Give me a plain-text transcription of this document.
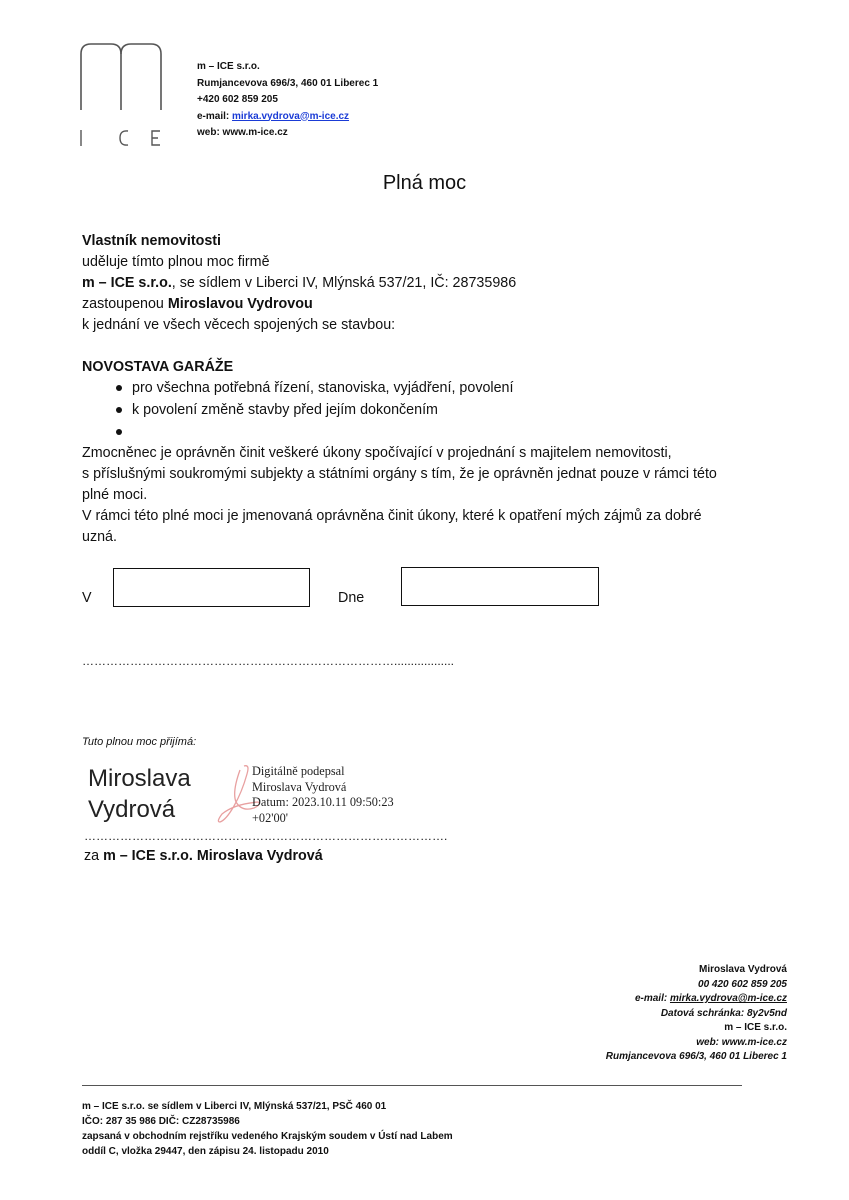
m – ICE s.r.o.
Rumjancevova 696/3, 460 01 Liberec 1
+420 602 859 205
e-mail: mirka.vydrova@m-ice.cz
web: www.m-ice.cz
Plná moc
Vlastník nemovitosti
uděluje tímto plnou moc firmě
m – ICE s.r.o., se sídlem v Liberci IV, Mlýnská 537/21, IČ: 28735986
zastoupenou Miroslavou Vydrovou
k jednání ve všech věcech spojených se stavbou:
NOVOSTAVA GARÁŽE
pro všechna potřebná řízení, stanoviska, vyjádření, povolení
k povolení změně stavby před jejím dokončením
Zmocněnec je oprávněn činit veškeré úkony spočívající v projednání s majitelem nemovitosti,
s příslušnými soukromými subjekty a státními orgány s tím, že je oprávněn jednat pouze v rámci této
plné moci.
V rámci této plné moci je jmenovaná oprávněna činit úkony, které k opatření mých zájmů za dobré
uzná.
V	Dne
……………………………………………………………………..................
Tuto plnou moc přijímá:
Miroslava
Vydrová
Digitálně podepsal
Miroslava Vydrová
Datum: 2023.10.11 09:50:23
+02'00'
……………………………………………………………………………….
za m – ICE s.r.o. Miroslava Vydrová
Miroslava Vydrová
00 420 602 859 205
e-mail: mirka.vydrova@m-ice.cz
Datová schránka: 8y2v5nd
m – ICE s.r.o.
web: www.m-ice.cz
Rumjancevova 696/3, 460 01 Liberec 1
m – ICE s.r.o. se sídlem v Liberci IV, Mlýnská 537/21, PSČ 460 01
IČO: 287 35 986 DIČ: CZ28735986
zapsaná v obchodním rejstříku vedeného Krajským soudem v Ústí nad Labem
oddíl C, vložka 29447, den zápisu 24. listopadu 2010
